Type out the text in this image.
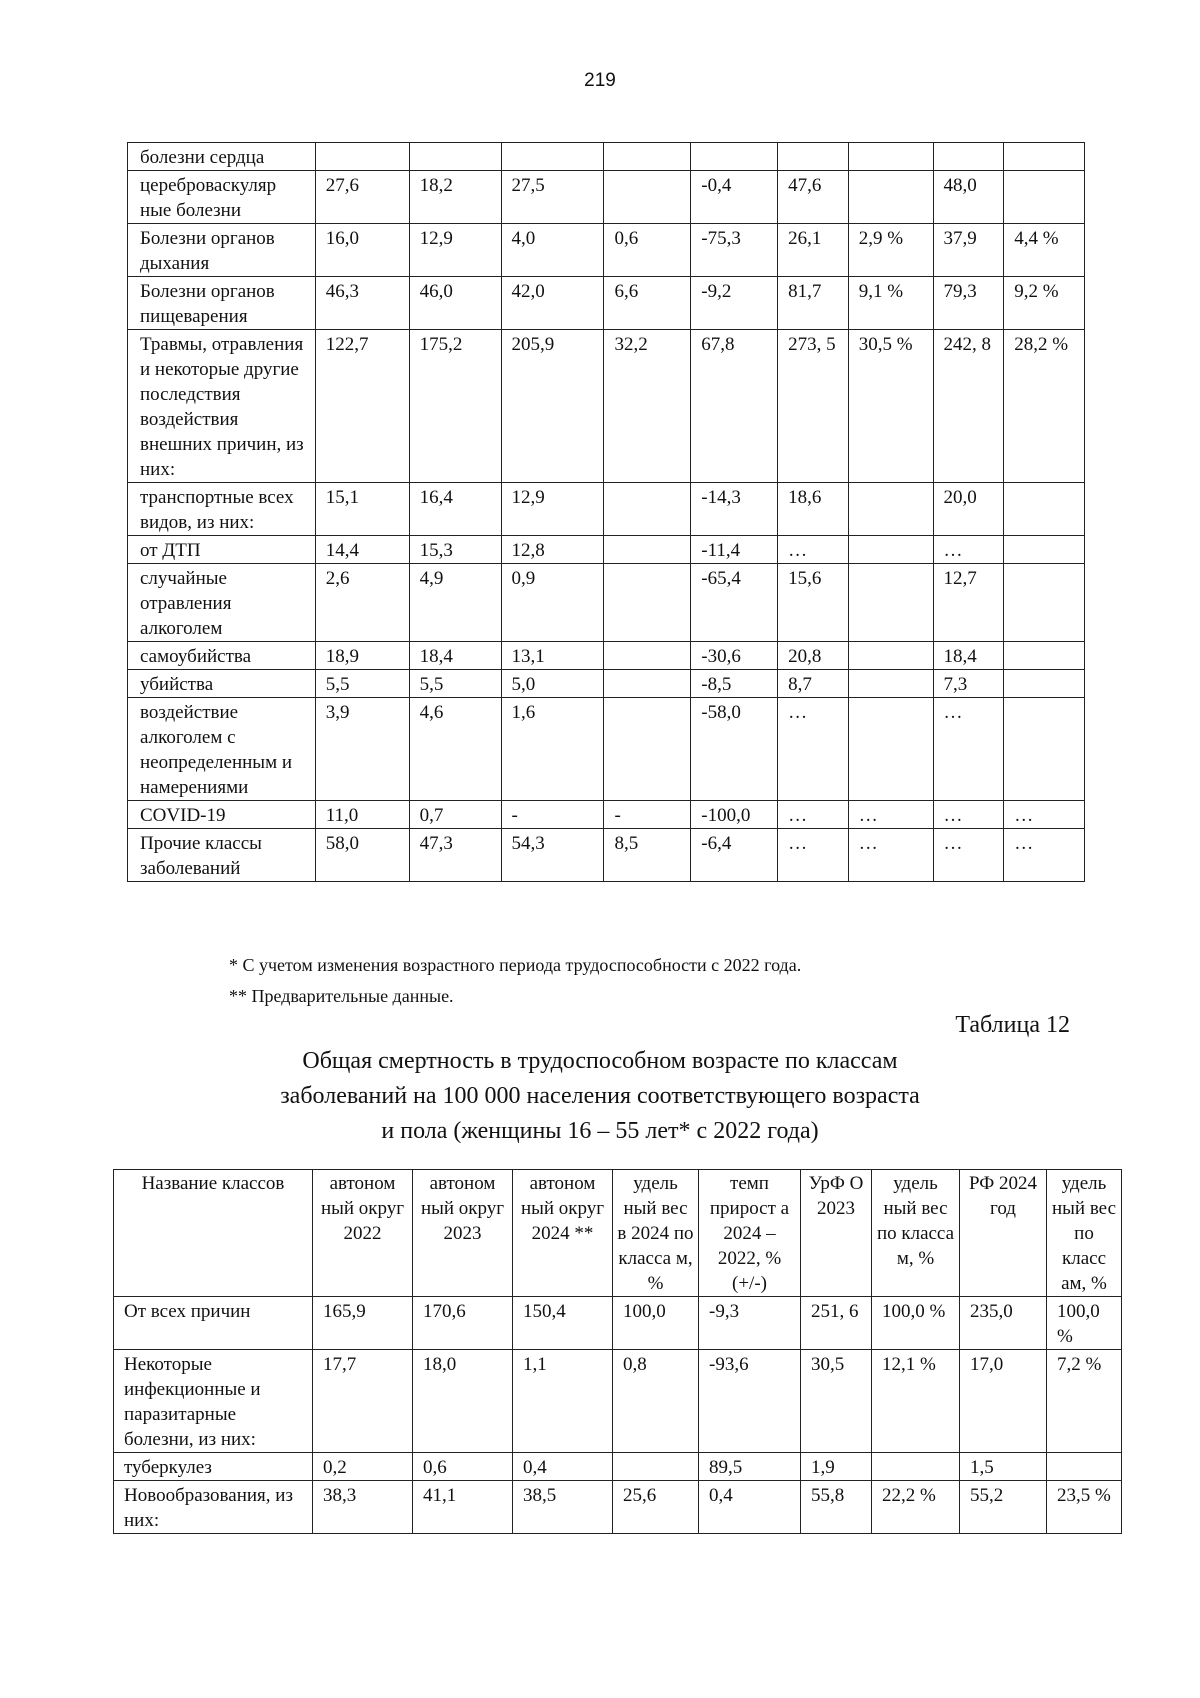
219
болезни сердца									
цереброваскуляр ные болезни	27,6	18,2	27,5		-0,4	47,6		48,0	
Болезни органов дыхания	16,0	12,9	4,0	0,6	-75,3	26,1	2,9 %	37,9	4,4 %
Болезни органов пищеварения	46,3	46,0	42,0	6,6	-9,2	81,7	9,1 %	79,3	9,2 %
Травмы, отравления и некоторые другие последствия воздействия внешних причин, из них:	122,7	175,2	205,9	32,2	67,8	273, 5	30,5 %	242, 8	28,2 %
транспортные всех видов, из них:	15,1	16,4	12,9		-14,3	18,6		20,0	
от ДТП	14,4	15,3	12,8		-11,4	…		…	
случайные отравления алкоголем	2,6	4,9	0,9		-65,4	15,6		12,7	
самоубийства	18,9	18,4	13,1		-30,6	20,8		18,4	
убийства	5,5	5,5	5,0		-8,5	8,7		7,3	
воздействие алкоголем с неопределенным и намерениями	3,9	4,6	1,6		-58,0	…		…	
COVID-19	11,0	0,7	-	-	-100,0	…	…	…	…
Прочие классы заболеваний	58,0	47,3	54,3	8,5	-6,4	…	…	…	…
* С учетом изменения возрастного периода трудоспособности с 2022 года.
** Предварительные данные.
Таблица 12
Общая смертность в трудоспособном возрасте по классам
заболеваний на 100 000 населения соответствующего возраста
и пола (женщины 16 – 55 лет* с 2022 года)
Название классов	автоном ный округ 2022	автоном ный округ 2023	автоном ный округ 2024 **	удель ный вес в 2024 по класса м, %	темп прирост а 2024 – 2022, % (+/-)	УрФ О 2023	удель ный вес по класса м, %	РФ 2024 год	удель ный вес по класс ам, %
От всех причин	165,9	170,6	150,4	100,0	-9,3	251, 6	100,0 %	235,0	100,0 %
Некоторые инфекционные и паразитарные болезни, из них:	17,7	18,0	1,1	0,8	-93,6	30,5	12,1 %	17,0	7,2 %
туберкулез	0,2	0,6	0,4		89,5	1,9		1,5	
Новообразования, из них:	38,3	41,1	38,5	25,6	0,4	55,8	22,2 %	55,2	23,5 %
